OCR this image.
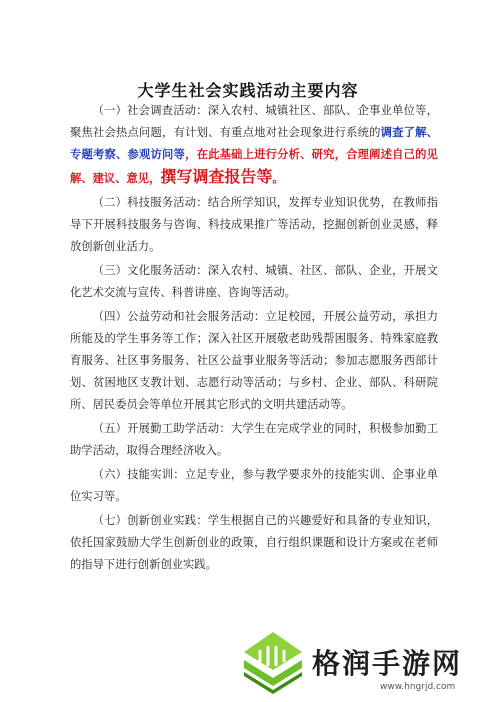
大学生社会实践活动主要内容

（一）社会调查活动：深入农村、城镇社区、部队、企事业单位等，聚焦社会热点问题，有计划、有重点地对社会现象进行系统的调查了解、专题考察、参观访问等，在此基础上进行分析、研究，合理阐述自己的见解、建议、意见，撰写调查报告等。

（二）科技服务活动：结合所学知识，发挥专业知识优势，在教师指导下开展科技服务与咨询、科技成果推广等活动，挖掘创新创业灵感，释放创新创业活力。

（三）文化服务活动：深入农村、城镇、社区、部队、企业，开展文化艺术交流与宣传、科普讲座、咨询等活动。

（四）公益劳动和社会服务活动：立足校园，开展公益劳动，承担力所能及的学生事务等工作；深入社区开展敬老助残帮困服务、特殊家庭教育服务、社区事务服务、社区公益事业服务等活动；参加志愿服务西部计划、贫困地区支教计划、志愿行动等活动；与乡村、企业、部队、科研院所、居民委员会等单位开展其它形式的文明共建活动等。

（五）开展勤工助学活动：大学生在完成学业的同时，积极参加勤工助学活动，取得合理经济收入。

（六）技能实训：立足专业，参与教学要求外的技能实训、企事业单位实习等。

（七）创新创业实践：学生根据自己的兴趣爱好和具备的专业知识，依托国家鼓励大学生创新创业的政策，自行组织课题和设计方案或在老师的指导下进行创新创业实践。

格润手游网
www.hngrjd.com
